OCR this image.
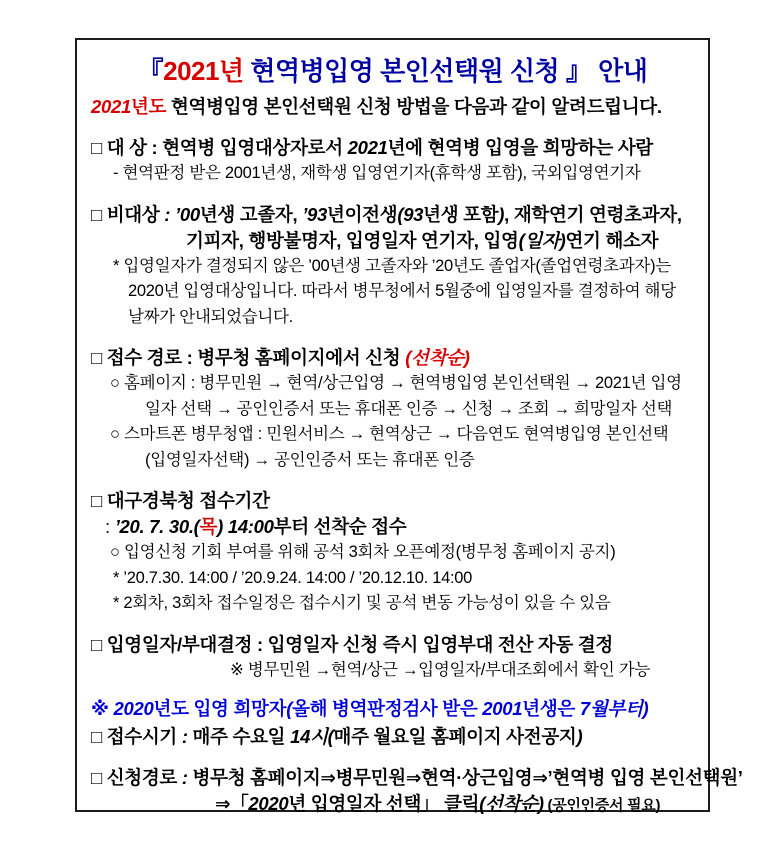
『2021년 현역병입영 본인선택원 신청 』 안내
2021년도 현역병입영 본인선택원 신청 방법을 다음과 같이 알려드립니다.
□ 대 상 : 현역병 입영대상자로서 2021년에 현역병 입영을 희망하는 사람
- 현역판정 받은 2001년생, 재학생 입영연기자(휴학생 포함), 국외입영연기자
□ 비대상 : ’00년생 고졸자, ’93년이전생(93년생 포함), 재학연기 연령초과자,
기피자, 행방불명자, 입영일자 연기자, 입영(일자)연기 해소자
* 입영일자가 결정되지 않은 ’00년생 고졸자와 ’20년도 졸업자(졸업연령초과자)는
2020년 입영대상입니다. 따라서 병무청에서 5월중에 입영일자를 결정하여 해당
날짜가 안내되었습니다.
□ 접수 경로 : 병무청 홈페이지에서 신청 (선착순)
○ 홈페이지 : 병무민원 → 현역/상근입영 → 현역병입영 본인선택원 → 2021년 입영
일자 선택 → 공인인증서 또는 휴대폰 인증 → 신청 → 조회 → 희망일자 선택
○ 스마트폰 병무청앱 : 민원서비스 → 현역상근 → 다음연도 현역병입영 본인선택
(입영일자선택) → 공인인증서 또는 휴대폰 인증
□ 대구경북청 접수기간
: ’20. 7. 30.(목) 14:00부터 선착순 접수
○ 입영신청 기회 부여를 위해 공석 3회차 오픈예정(병무청 홈페이지 공지)
* ’20.7.30. 14:00 / ’20.9.24. 14:00 / ’20.12.10. 14:00
* 2회차, 3회차 접수일정은 접수시기 및 공석 변동 가능성이 있을 수 있음
□ 입영일자/부대결정 : 입영일자 신청 즉시 입영부대 전산 자동 결정
※ 병무민원 →현역/상근 →입영일자/부대조회에서 확인 가능
※ 2020년도 입영 희망자(올해 병역판정검사 받은 2001년생은 7월부터)
□ 접수시기 : 매주 수요일 14시(매주 월요일 홈페이지 사전공지)
□ 신청경로 : 병무청 홈페이지⇒병무민원⇒현역·상근입영⇒’현역병 입영 본인선택원’
⇒「2020년 입영일자 선택」 클릭(선착순) (공인인증서 필요)
